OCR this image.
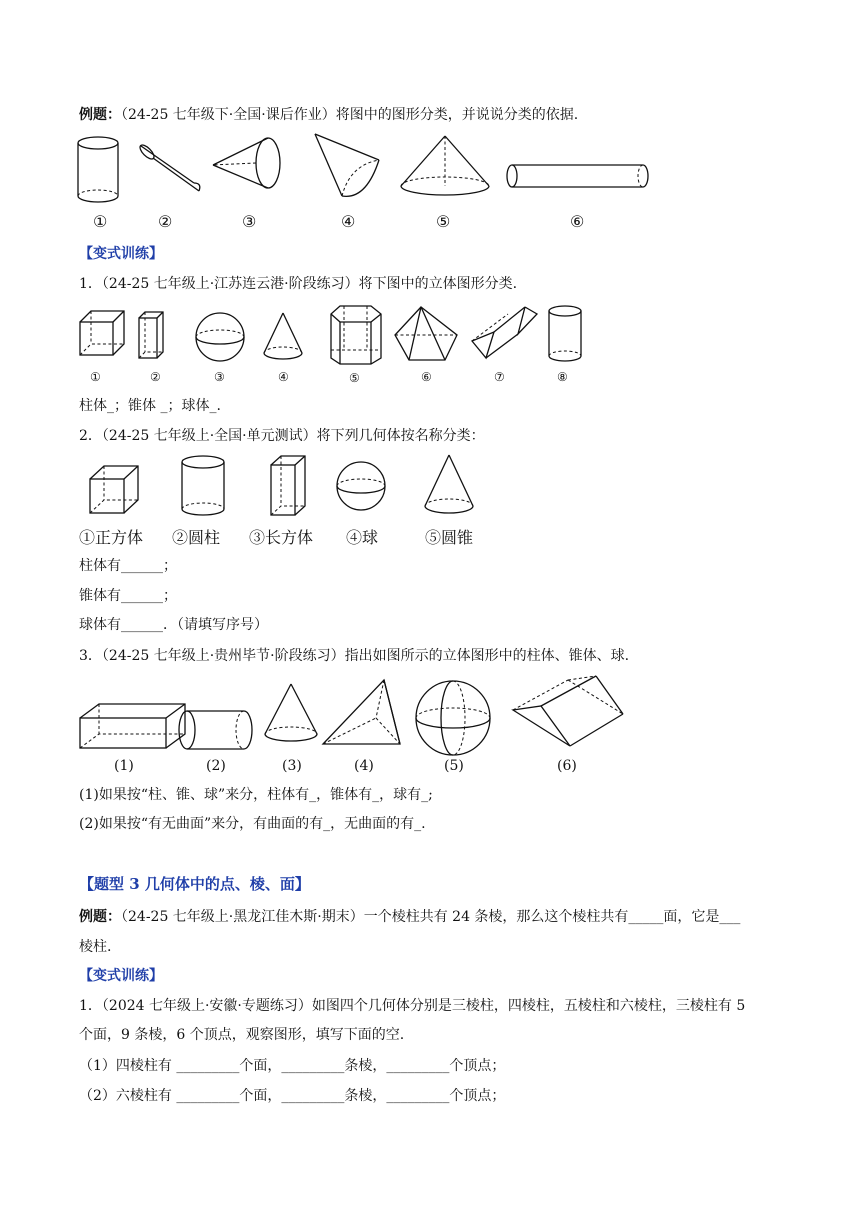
例题：（24-25 七年级下·全国·课后作业）将图中的图形分类，并说说分类的依据.
①	②	③	④	⑤	⑥
【变式训练】
1．（24-25 七年级上·江苏连云港·阶段练习）将下图中的立体图形分类.
①	②	③	④	⑤	⑥	⑦	⑧
柱体_；锥体 _；球体_.
2．（24-25 七年级上·全国·单元测试）将下列几何体按名称分类：
①正方体 ②圆柱 ③长方体 ④球	⑤圆锥
柱体有______；
锥体有______；
球体有______．（请填写序号）
3．（24-25 七年级上·贵州毕节·阶段练习）指出如图所示的立体图形中的柱体、锥体、球.
(1)	(2)	(3)	(4)	(5)	(6)
(1)如果按“柱、锥、球”来分，柱体有_，锥体有_，球有_;
(2)如果按“有无曲面”来分，有曲面的有_，无曲面的有_.
【题型 3 几何体中的点、棱、面】
例题：（24-25 七年级上·黑龙江佳木斯·期末）一个棱柱共有 24 条棱，那么这个棱柱共有_____面，它是___
棱柱.
【变式训练】
1．（2024 七年级上·安徽·专题练习）如图四个几何体分别是三棱柱，四棱柱，五棱柱和六棱柱，三棱柱有 5
个面，9 条棱，6 个顶点，观察图形，填写下面的空.
（1）四棱柱有 _________个面，_________条棱，_________个顶点；
（2）六棱柱有 _________个面，_________条棱，_________个顶点；
